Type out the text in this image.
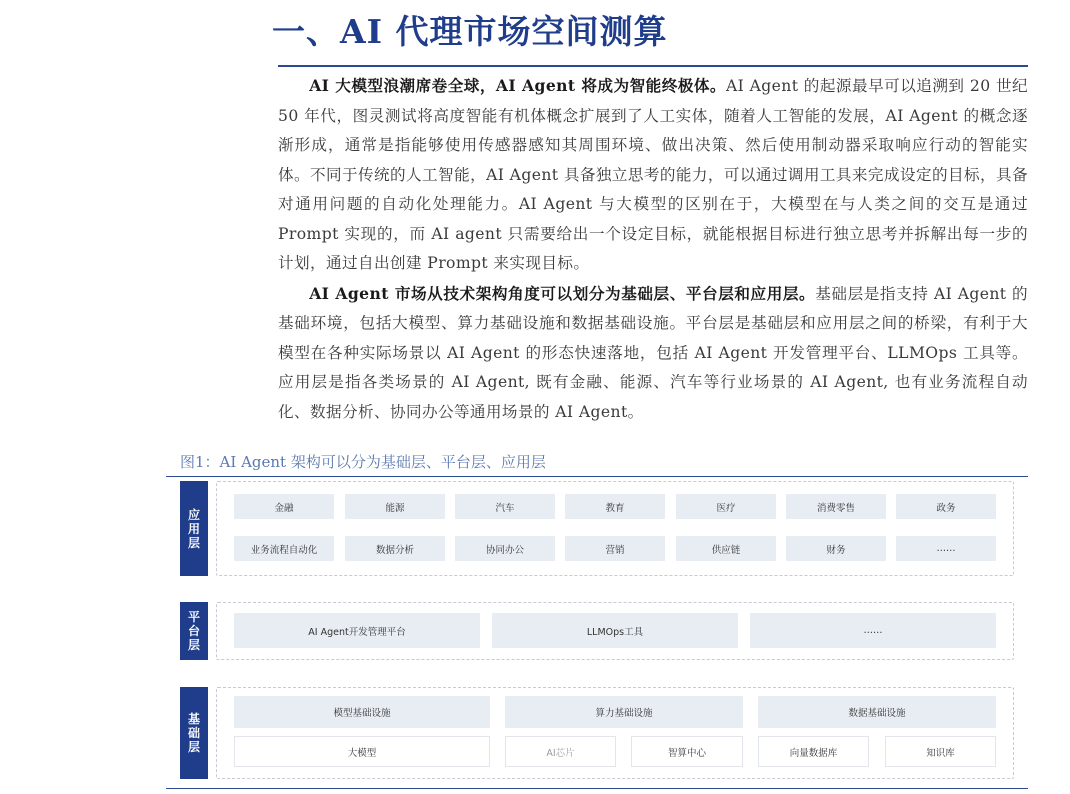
一、AI 代理市场空间测算

AI 大模型浪潮席卷全球，AI Agent 将成为智能终极体。AI Agent 的起源最早可以追溯到 20 世纪 50 年代，图灵测试将高度智能有机体概念扩展到了人工实体，随着人工智能的发展，AI Agent 的概念逐渐形成，通常是指能够使用传感器感知其周围环境、做出决策、然后使用制动器采取响应行动的智能实体。不同于传统的人工智能，AI Agent 具备独立思考的能力，可以通过调用工具来完成设定的目标，具备对通用问题的自动化处理能力。AI Agent 与大模型的区别在于，大模型在与人类之间的交互是通过 Prompt 实现的，而 AI agent 只需要给出一个设定目标，就能根据目标进行独立思考并拆解出每一步的计划，通过自出创建 Prompt 来实现目标。

AI Agent 市场从技术架构角度可以划分为基础层、平台层和应用层。基础层是指支持 AI Agent 的基础环境，包括大模型、算力基础设施和数据基础设施。平台层是基础层和应用层之间的桥梁，有利于大模型在各种实际场景以 AI Agent 的形态快速落地，包括 AI Agent 开发管理平台、LLMOps 工具等。应用层是指各类场景的 AI Agent, 既有金融、能源、汽车等行业场景的 AI Agent, 也有业务流程自动化、数据分析、协同办公等通用场景的 AI Agent。

图1：AI Agent 架构可以分为基础层、平台层、应用层
应用层
金融	能源	汽车	教育	医疗	消费零售	政务
业务流程自动化	数据分析	协同办公	营销	供应链	财务	……
平台层
AI Agent开发管理平台	LLMOps工具	……
基础层
模型基础设施	算力基础设施	数据基础设施
大模型	AI芯片	智算中心	向量数据库	知识库
